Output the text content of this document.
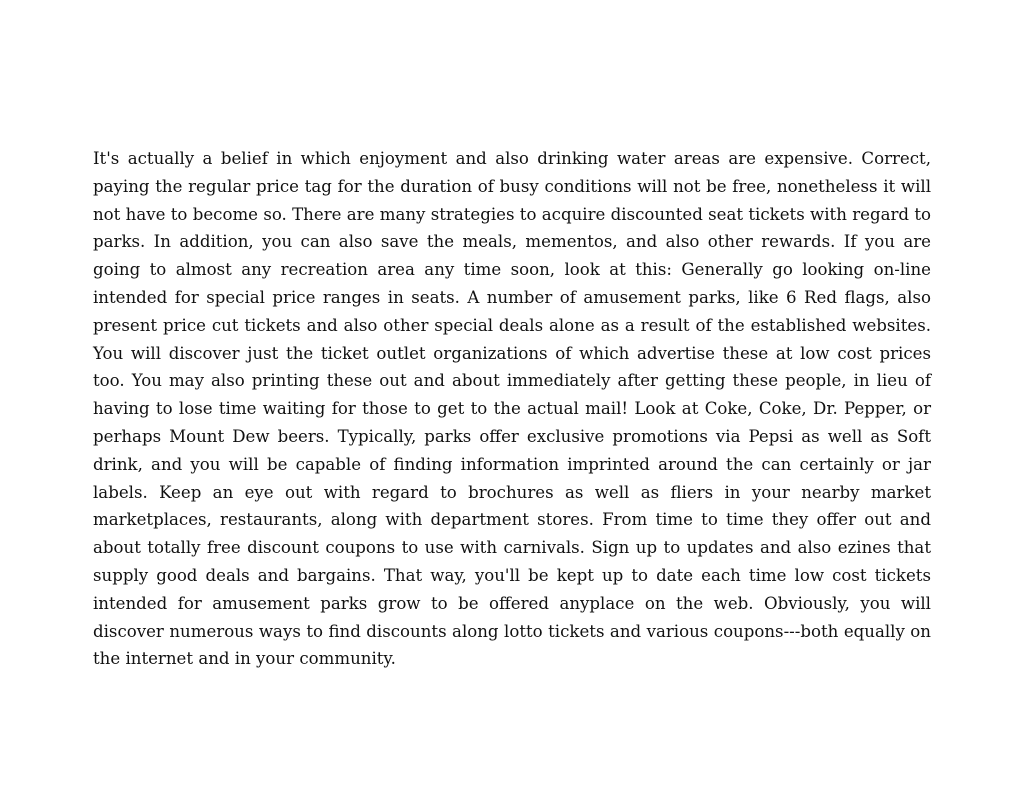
It's actually a belief in which enjoyment and also drinking water areas are expensive. Correct, paying the regular price tag for the duration of busy conditions will not be free, nonetheless it will not have to become so. There are many strategies to acquire discounted seat tickets with regard to parks. In addition, you can also save the meals, mementos, and also other rewards. If you are going to almost any recreation area any time soon, look at this: Generally go looking on-line intended for special price ranges in seats. A number of amusement parks, like 6 Red flags, also present price cut tickets and also other special deals alone as a result of the established websites. You will discover just the ticket outlet organizations of which advertise these at low cost prices too. You may also printing these out and about immediately after getting these people, in lieu of having to lose time waiting for those to get to the actual mail! Look at Coke, Coke, Dr. Pepper, or perhaps Mount Dew beers. Typically, parks offer exclusive promotions via Pepsi as well as Soft drink, and you will be capable of finding information imprinted around the can certainly or jar labels. Keep an eye out with regard to brochures as well as fliers in your nearby market marketplaces, restaurants, along with department stores. From time to time they offer out and about totally free discount coupons to use with carnivals. Sign up to updates and also ezines that supply good deals and bargains. That way, you'll be kept up to date each time low cost tickets intended for amusement parks grow to be offered anyplace on the web. Obviously, you will discover numerous ways to find discounts along lotto tickets and various coupons---both equally on the internet and in your community.
